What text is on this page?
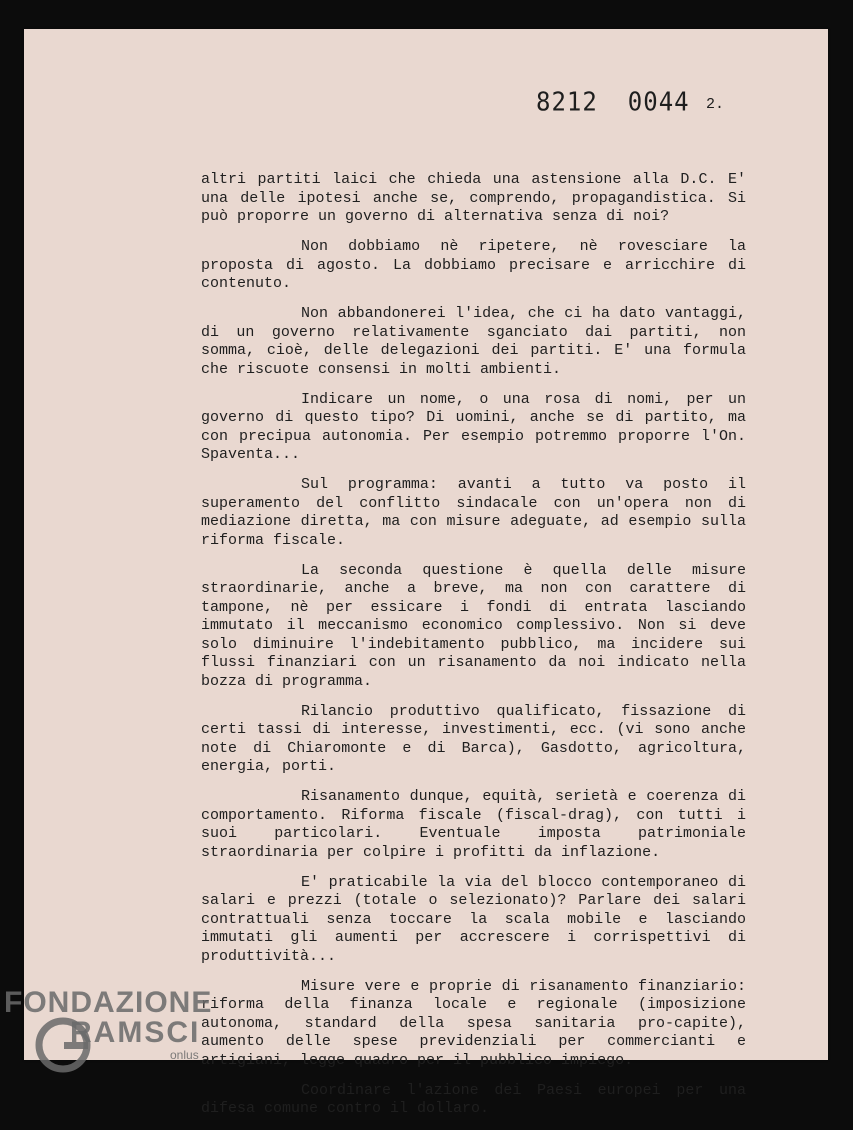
8212 0044 2.

altri partiti laici che chieda una astensione alla D.C. E' una delle ipotesi anche se, comprendo, propagandistica. Si può proporre un governo di alternativa senza di noi?

Non dobbiamo nè ripetere, nè rovesciare la proposta di agosto. La dobbiamo precisare e arricchire di contenuto.

Non abbandonerei l'idea, che ci ha dato vantaggi, di un governo relativamente sganciato dai partiti, non somma, cioè, delle delegazioni dei partiti. E' una formula che riscuote consensi in molti ambienti.

Indicare un nome, o una rosa di nomi, per un governo di questo tipo? Di uomini, anche se di partito, ma con precipua autonomia. Per esempio potremmo proporre l'On. Spaventa...

Sul programma: avanti a tutto va posto il superamento del conflitto sindacale con un'opera non di mediazione diretta, ma con misure adeguate, ad esempio sulla riforma fiscale.

La seconda questione è quella delle misure straordinarie, anche a breve, ma non con carattere di tampone, nè per essicare i fondi di entrata lasciando immutato il meccanismo economico complessivo. Non si deve solo diminuire l'indebitamento pubblico, ma incidere sui flussi finanziari con un risanamento da noi indicato nella bozza di programma.

Rilancio produttivo qualificato, fissazione di certi tassi di interesse, investimenti, ecc. (vi sono anche note di Chiaromonte e di Barca), Gasdotto, agricoltura, energia, porti.

Risanamento dunque, equità, serietà e coerenza di comportamento. Riforma fiscale (fiscal-drag), con tutti i suoi particolari. Eventuale imposta patrimoniale straordinaria per colpire i profitti da inflazione.

E' praticabile la via del blocco contemporaneo di salari e prezzi (totale o selezionato)? Parlare dei salari contrattuali senza toccare la scala mobile e lasciando immutati gli aumenti per accrescere i corrispettivi di produttività...

Misure vere e proprie di risanamento finanziario: riforma della finanza locale e regionale (imposizione autonoma, standard della spesa sanitaria pro-capite), aumento delle spese previdenziali per commercianti e artigiani, legge quadro per il pubblico impiego.

Coordinare l'azione dei Paesi europei per una difesa comune contro il dollaro.

FONDAZIONE
RAMSCI
onlus
